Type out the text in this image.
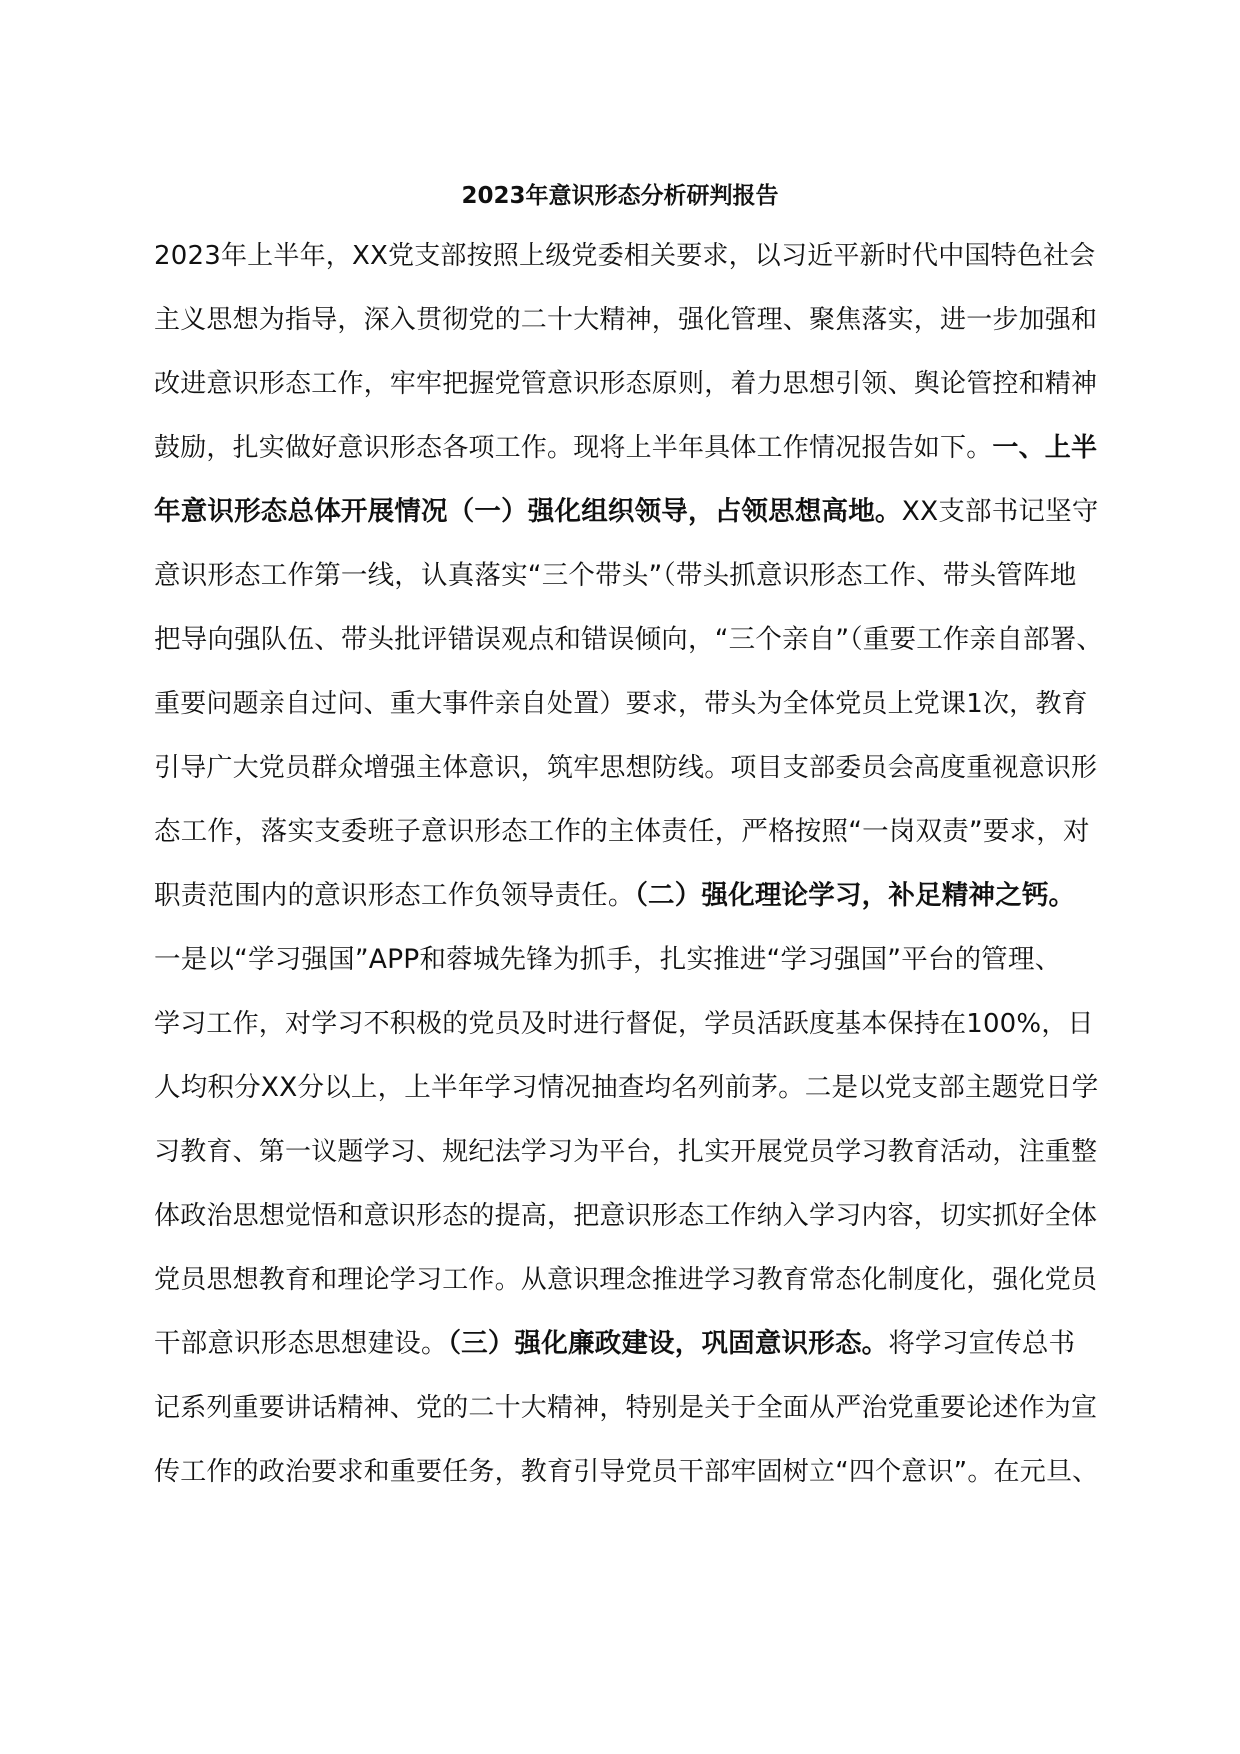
2023年意识形态分析研判报告
2023年上半年，XX党支部按照上级党委相关要求，以习近平新时代中国特色社会
主义思想为指导，深入贯彻党的二十大精神，强化管理、聚焦落实，进一步加强和
改进意识形态工作，牢牢把握党管意识形态原则，着力思想引领、舆论管控和精神
鼓励，扎实做好意识形态各项工作。现将上半年具体工作情况报告如下。一、上半
年意识形态总体开展情况（一）强化组织领导，占领思想高地。XX支部书记坚守
意识形态工作第一线，认真落实“三个带头”（带头抓意识形态工作、带头管阵地
把导向强队伍、带头批评错误观点和错误倾向，“三个亲自”（重要工作亲自部署、
重要问题亲自过问、重大事件亲自处置）要求，带头为全体党员上党课1次，教育
引导广大党员群众增强主体意识，筑牢思想防线。项目支部委员会高度重视意识形
态工作，落实支委班子意识形态工作的主体责任，严格按照“一岗双责”要求，对
职责范围内的意识形态工作负领导责任。（二）强化理论学习，补足精神之钙。
一是以“学习强国”APP和蓉城先锋为抓手，扎实推进“学习强国”平台的管理、
学习工作，对学习不积极的党员及时进行督促，学员活跃度基本保持在100%，日
人均积分XX分以上，上半年学习情况抽查均名列前茅。二是以党支部主题党日学
习教育、第一议题学习、规纪法学习为平台，扎实开展党员学习教育活动，注重整
体政治思想觉悟和意识形态的提高，把意识形态工作纳入学习内容，切实抓好全体
党员思想教育和理论学习工作。从意识理念推进学习教育常态化制度化，强化党员
干部意识形态思想建设。（三）强化廉政建设，巩固意识形态。将学习宣传总书
记系列重要讲话精神、党的二十大精神，特别是关于全面从严治党重要论述作为宣
传工作的政治要求和重要任务，教育引导党员干部牢固树立“四个意识”。在元旦、
